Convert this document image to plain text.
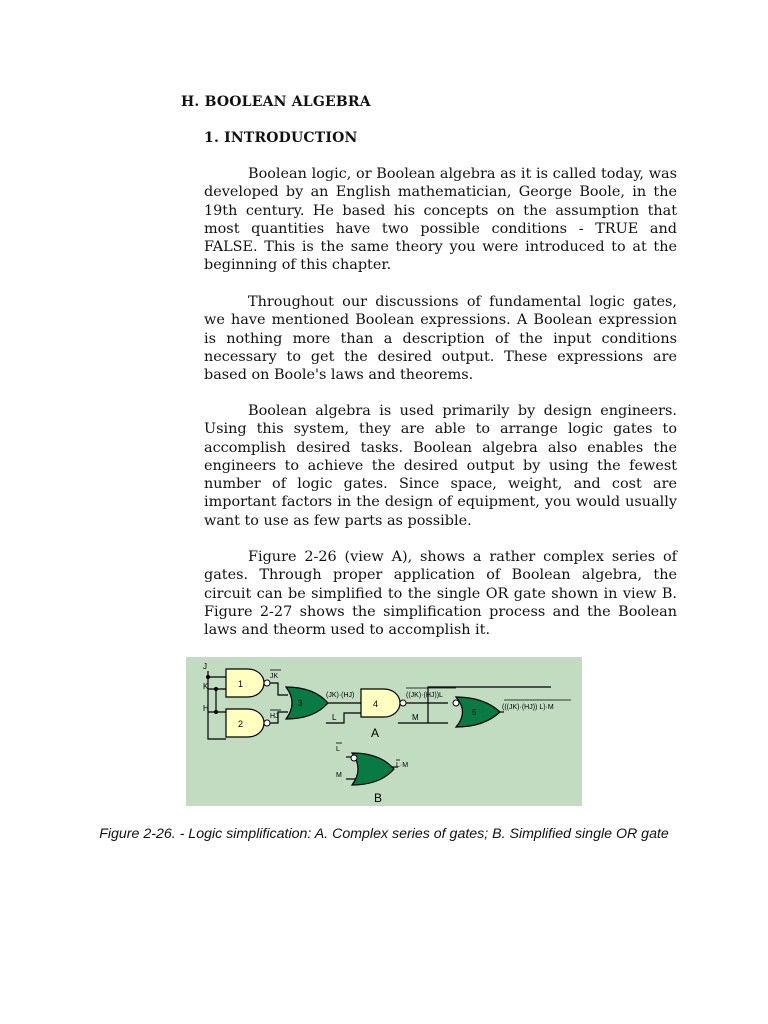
H. BOOLEAN ALGEBRA
1. INTRODUCTION

Boolean logic, or Boolean algebra as it is called today, was developed by an English mathematician, George Boole, in the 19th century. He based his concepts on the assumption that most quantities have two possible conditions - TRUE and FALSE. This is the same theory you were introduced to at the beginning of this chapter.

Throughout our discussions of fundamental logic gates, we have mentioned Boolean expressions. A Boolean expression is nothing more than a description of the input conditions necessary to get the desired output. These expressions are based on Boole's laws and theorems.

Boolean algebra is used primarily by design engineers. Using this system, they are able to arrange logic gates to accomplish desired tasks. Boolean algebra also enables the engineers to achieve the desired output by using the fewest number of logic gates. Since space, weight, and cost are important factors in the design of equipment, you would usually want to use as few parts as possible.

Figure 2-26 (view A), shows a rather complex series of gates. Through proper application of Boolean algebra, the circuit can be simplified to the single OR gate shown in view B. Figure 2-27 shows the simplification process and the Boolean laws and theorm used to accomplish it.

1
2
3	4
5
J
K
H
L	M
JK
HJ
(JK)·(HJ)	((JK)·(HJ))L
(((JK)·(HJ)) L)·M
A
L
M
L·M
B

Figure 2-26. - Logic simplification: A. Complex series of gates; B. Simplified single OR gate
